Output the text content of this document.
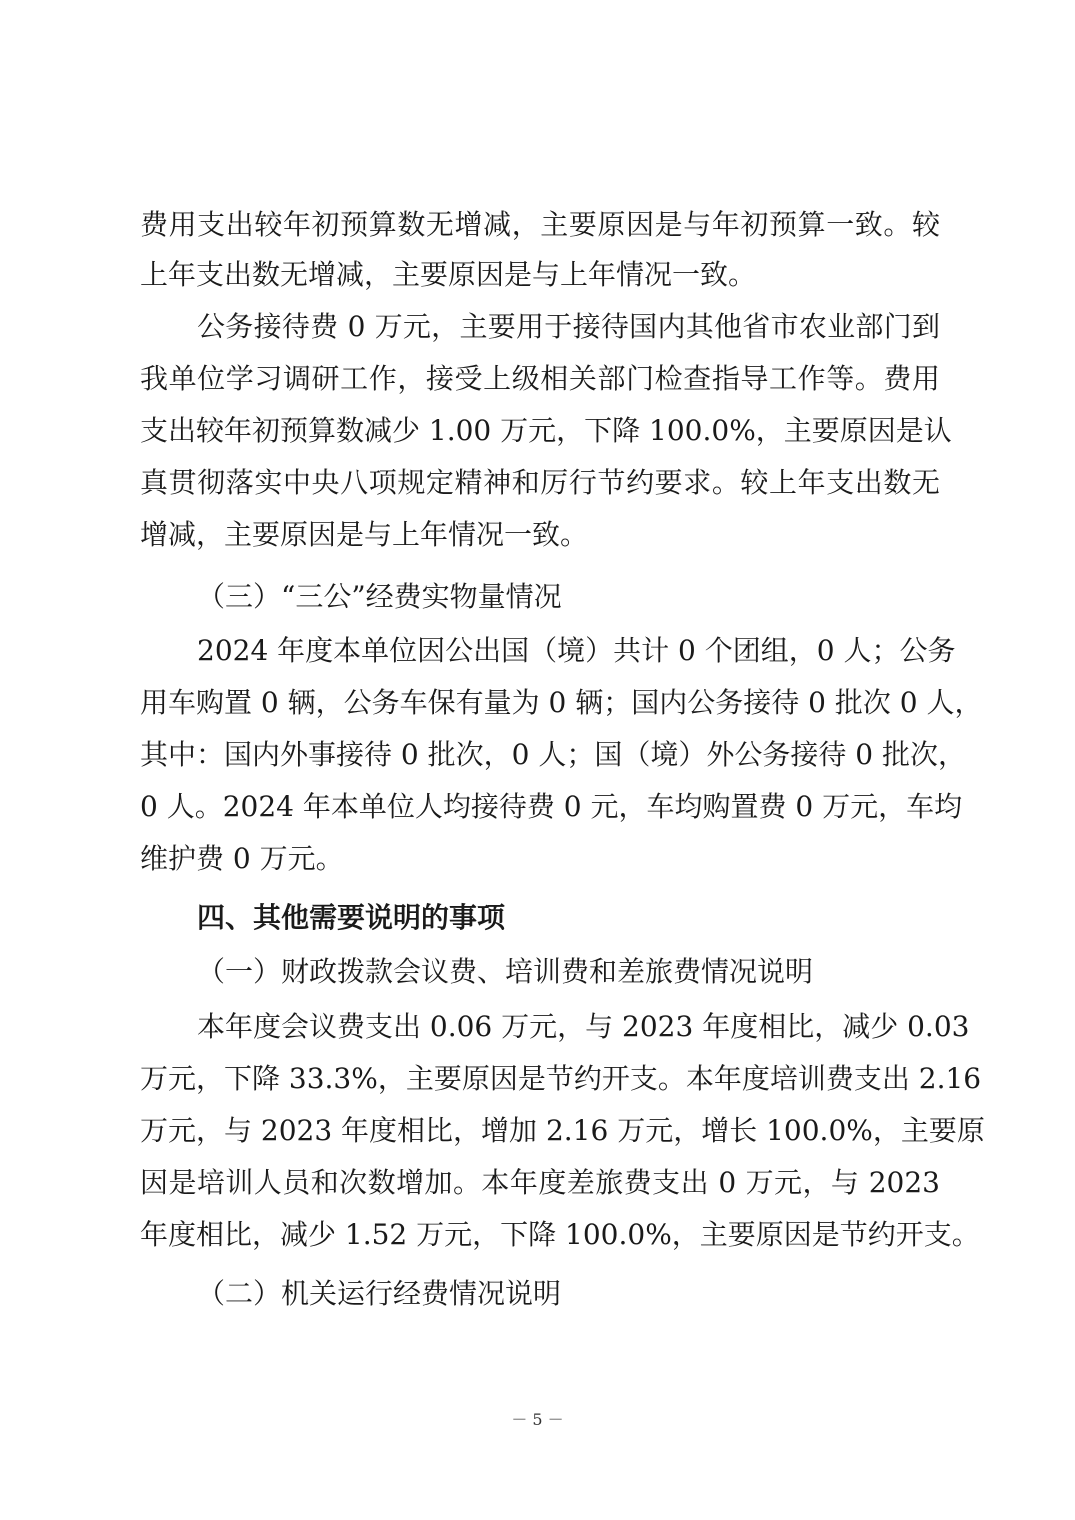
费用支出较年初预算数无增减，主要原因是与年初预算一致。较
上年支出数无增减，主要原因是与上年情况一致。
公务接待费 0 万元，主要用于接待国内其他省市农业部门到
我单位学习调研工作，接受上级相关部门检查指导工作等。费用
支出较年初预算数减少 1.00 万元，下降 100.0%，主要原因是认
真贯彻落实中央八项规定精神和厉行节约要求。较上年支出数无
增减，主要原因是与上年情况一致。
（三）“三公”经费实物量情况
2024 年度本单位因公出国（境）共计 0 个团组，0 人；公务
用车购置 0 辆，公务车保有量为 0 辆；国内公务接待 0 批次 0 人，
其中：国内外事接待 0 批次，0 人；国（境）外公务接待 0 批次，
0 人。2024 年本单位人均接待费 0 元，车均购置费 0 万元，车均
维护费 0 万元。
四、其他需要说明的事项
（一）财政拨款会议费、培训费和差旅费情况说明
本年度会议费支出 0.06 万元，与 2023 年度相比，减少 0.03
万元，下降 33.3%，主要原因是节约开支。本年度培训费支出 2.16
万元，与 2023 年度相比，增加 2.16 万元，增长 100.0%，主要原
因是培训人员和次数增加。本年度差旅费支出 0 万元，与 2023
年度相比，减少 1.52 万元，下降 100.0%，主要原因是节约开支。
（二）机关运行经费情况说明
－ 5 －
